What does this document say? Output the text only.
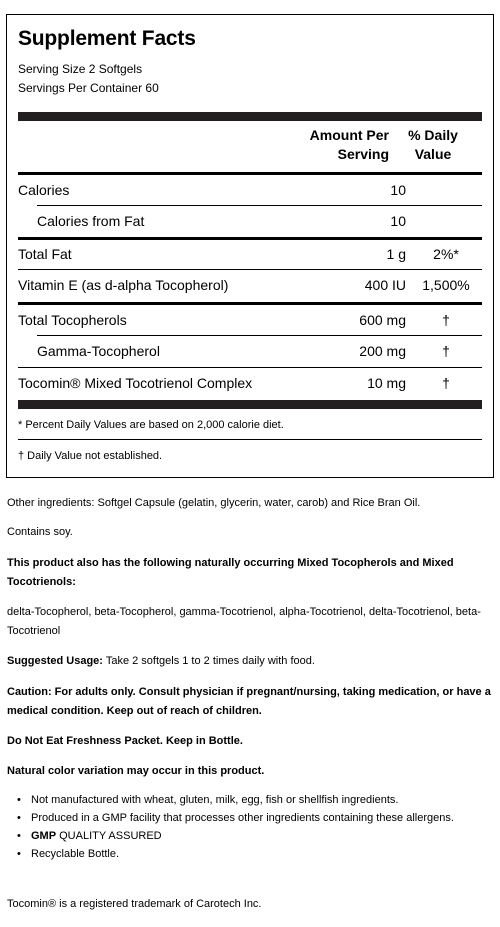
Supplement Facts
Serving Size 2 Softgels
Servings Per Container 60
Amount Per
Serving
% Daily
Value
Calories	10
Calories from Fat	10
Total Fat	1 g	2%*
Vitamin E (as d-alpha Tocopherol)	400 IU	1,500%
Total Tocopherols	600 mg	†
Gamma-Tocopherol	200 mg	†
Tocomin® Mixed Tocotrienol Complex	10 mg	†
* Percent Daily Values are based on 2,000 calorie diet.
† Daily Value not established.
Other ingredients: Softgel Capsule (gelatin, glycerin, water, carob) and Rice Bran Oil.
Contains soy.
This product also has the following naturally occurring Mixed Tocopherols and Mixed Tocotrienols:
delta-Tocopherol, beta-Tocopherol, gamma-Tocotrienol, alpha-Tocotrienol, delta-Tocotrienol, beta-Tocotrienol
Suggested Usage: Take 2 softgels 1 to 2 times daily with food.
Caution: For adults only. Consult physician if pregnant/nursing, taking medication, or have a medical condition. Keep out of reach of children.
Do Not Eat Freshness Packet. Keep in Bottle.
Natural color variation may occur in this product.
• Not manufactured with wheat, gluten, milk, egg, fish or shellfish ingredients.
• Produced in a GMP facility that processes other ingredients containing these allergens.
• GMP QUALITY ASSURED
• Recyclable Bottle.
Tocomin® is a registered trademark of Carotech Inc.
